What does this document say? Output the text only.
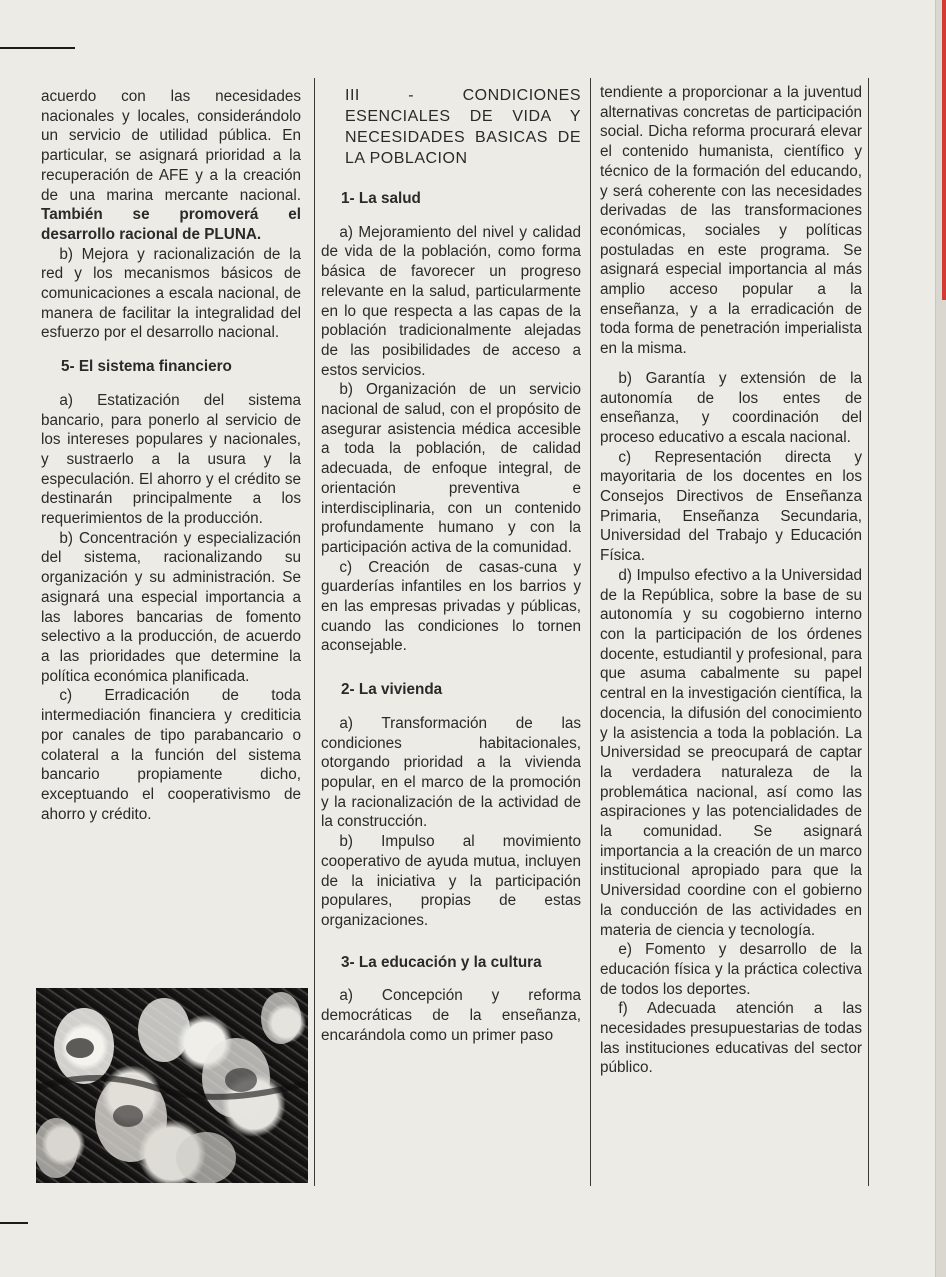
acuerdo con las necesidades nacionales y locales, considerándolo un servicio de utilidad pública. En particular, se asignará prioridad a la recuperación de AFE y a la creación de una marina mercante nacional. También se promoverá el desarrollo racional de PLUNA.

b) Mejora y racionalización de la red y los mecanismos básicos de comunicaciones a escala nacional, de manera de facilitar la integralidad del esfuerzo por el desarrollo nacional.

5- El sistema financiero

a) Estatización del sistema bancario, para ponerlo al servicio de los intereses populares y nacionales, y sustraerlo a la usura y la especulación. El ahorro y el crédito se destinarán principalmente a los requerimientos de la producción.

b) Concentración y especialización del sistema, racionalizando su organización y su administración. Se asignará una especial importancia a las labores bancarias de fomento selectivo a la producción, de acuerdo a las prioridades que determine la política económica planificada.

c) Erradicación de toda intermediación financiera y crediticia por canales de tipo parabancario o colateral a la función del sistema bancario propiamente dicho, exceptuando el cooperativismo de ahorro y crédito.

III - CONDICIONES ESENCIALES DE VIDA Y NECESIDADES BASICAS DE LA POBLACION

1- La salud

a) Mejoramiento del nivel y calidad de vida de la población, como forma básica de favorecer un progreso relevante en la salud, particularmente en lo que respecta a las capas de la población tradicionalmente alejadas de las posibilidades de acceso a estos servicios.

b) Organización de un servicio nacional de salud, con el propósito de asegurar asistencia médica accesible a toda la población, de calidad adecuada, de enfoque integral, de orientación preventiva e interdisciplinaria, con un contenido profundamente humano y con la participación activa de la comunidad.

c) Creación de casas-cuna y guarderías infantiles en los barrios y en las empresas privadas y públicas, cuando las condiciones lo tornen aconsejable.

2- La vivienda

a) Transformación de las condiciones habitacionales, otorgando prioridad a la vivienda popular, en el marco de la promoción y la racionalización de la actividad de la construcción.

b) Impulso al movimiento cooperativo de ayuda mutua, incluyen de la iniciativa y la participación populares, propias de estas organizaciones.

3- La educación y la cultura

a) Concepción y reforma democráticas de la enseñanza, encarándola como un primer paso

tendiente a proporcionar a la juventud alternativas concretas de participación social. Dicha reforma procurará elevar el contenido humanista, científico y técnico de la formación del educando, y será coherente con las necesidades derivadas de las transformaciones económicas, sociales y políticas postuladas en este programa. Se asignará especial importancia al más amplio acceso popular a la enseñanza, y a la erradicación de toda forma de penetración imperialista en la misma.

b) Garantía y extensión de la autonomía de los entes de enseñanza, y coordinación del proceso educativo a escala nacional.

c) Representación directa y mayoritaria de los docentes en los Consejos Directivos de Enseñanza Primaria, Enseñanza Secundaria, Universidad del Trabajo y Educación Física.

d) Impulso efectivo a la Universidad de la República, sobre la base de su autonomía y su cogobierno interno con la participación de los órdenes docente, estudiantil y profesional, para que asuma cabalmente su papel central en la investigación científica, la docencia, la difusión del conocimiento y la asistencia a toda la población. La Universidad se preocupará de captar la verdadera naturaleza de la problemática nacional, así como las aspiraciones y las potencialidades de la comunidad. Se asignará importancia a la creación de un marco institucional apropiado para que la Universidad coordine con el gobierno la conducción de las actividades en materia de ciencia y tecnología.

e) Fomento y desarrollo de la educación física y la práctica colectiva de todos los deportes.

f) Adecuada atención a las necesidades presupuestarias de todas las instituciones educativas del sector público.
